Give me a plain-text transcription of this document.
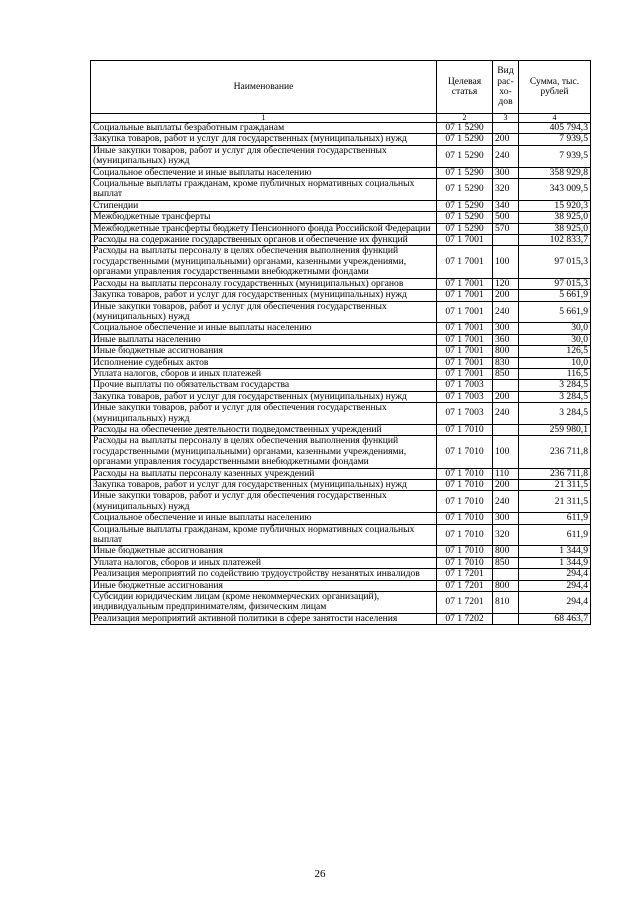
Наименование	Целевая статья	Вид рас-хо-дов	Сумма, тыс. рублей
1	2	3	4
Социальные выплаты безработным гражданам	07 1 5290		405 794,3
Закупка товаров, работ и услуг для государственных (муниципальных) нужд	07 1 5290	200	7 939,5
Иные закупки товаров, работ и услуг для обеспечения государственных (муниципальных) нужд	07 1 5290	240	7 939,5
Социальное обеспечение и иные выплаты населению	07 1 5290	300	358 929,8
Социальные выплаты гражданам, кроме публичных нормативных социальных выплат	07 1 5290	320	343 009,5
Стипендии	07 1 5290	340	15 920,3
Межбюджетные трансферты	07 1 5290	500	38 925,0
Межбюджетные трансферты бюджету Пенсионного фонда Российской Федерации	07 1 5290	570	38 925,0
Расходы на содержание государственных органов и обеспечение их функций	07 1 7001		102 833,7
Расходы на выплаты персоналу в целях обеспечения выполнения функций государственными (муниципальными) органами, казенными учреждениями, органами управления государственными внебюджетными фондами	07 1 7001	100	97 015,3
Расходы на выплаты персоналу государственных (муниципальных) органов	07 1 7001	120	97 015,3
Закупка товаров, работ и услуг для государственных (муниципальных) нужд	07 1 7001	200	5 661,9
Иные закупки товаров, работ и услуг для обеспечения государственных (муниципальных) нужд	07 1 7001	240	5 661,9
Социальное обеспечение и иные выплаты населению	07 1 7001	300	30,0
Иные выплаты населению	07 1 7001	360	30,0
Иные бюджетные ассигнования	07 1 7001	800	126,5
Исполнение судебных актов	07 1 7001	830	10,0
Уплата налогов, сборов и иных платежей	07 1 7001	850	116,5
Прочие выплаты по обязательствам государства	07 1 7003		3 284,5
Закупка товаров, работ и услуг для государственных (муниципальных) нужд	07 1 7003	200	3 284,5
Иные закупки товаров, работ и услуг для обеспечения государственных (муниципальных) нужд	07 1 7003	240	3 284,5
Расходы на обеспечение деятельности подведомственных учреждений	07 1 7010		259 980,1
Расходы на выплаты персоналу в целях обеспечения выполнения функций государственными (муниципальными) органами, казенными учреждениями, органами управления государственными внебюджетными фондами	07 1 7010	100	236 711,8
Расходы на выплаты персоналу казенных учреждений	07 1 7010	110	236 711,8
Закупка товаров, работ и услуг для государственных (муниципальных) нужд	07 1 7010	200	21 311,5
Иные закупки товаров, работ и услуг для обеспечения государственных (муниципальных) нужд	07 1 7010	240	21 311,5
Социальное обеспечение и иные выплаты населению	07 1 7010	300	611,9
Социальные выплаты гражданам, кроме публичных нормативных социальных выплат	07 1 7010	320	611,9
Иные бюджетные ассигнования	07 1 7010	800	1 344,9
Уплата налогов, сборов и иных платежей	07 1 7010	850	1 344,9
Реализация мероприятий по содействию трудоустройству незанятых инвалидов	07 1 7201		294,4
Иные бюджетные ассигнования	07 1 7201	800	294,4
Субсидии юридическим лицам (кроме некоммерческих организаций), индивидуальным предпринимателям, физическим лицам	07 1 7201	810	294,4
Реализация мероприятий активной политики в сфере занятости населения	07 1 7202		68 463,7
26
